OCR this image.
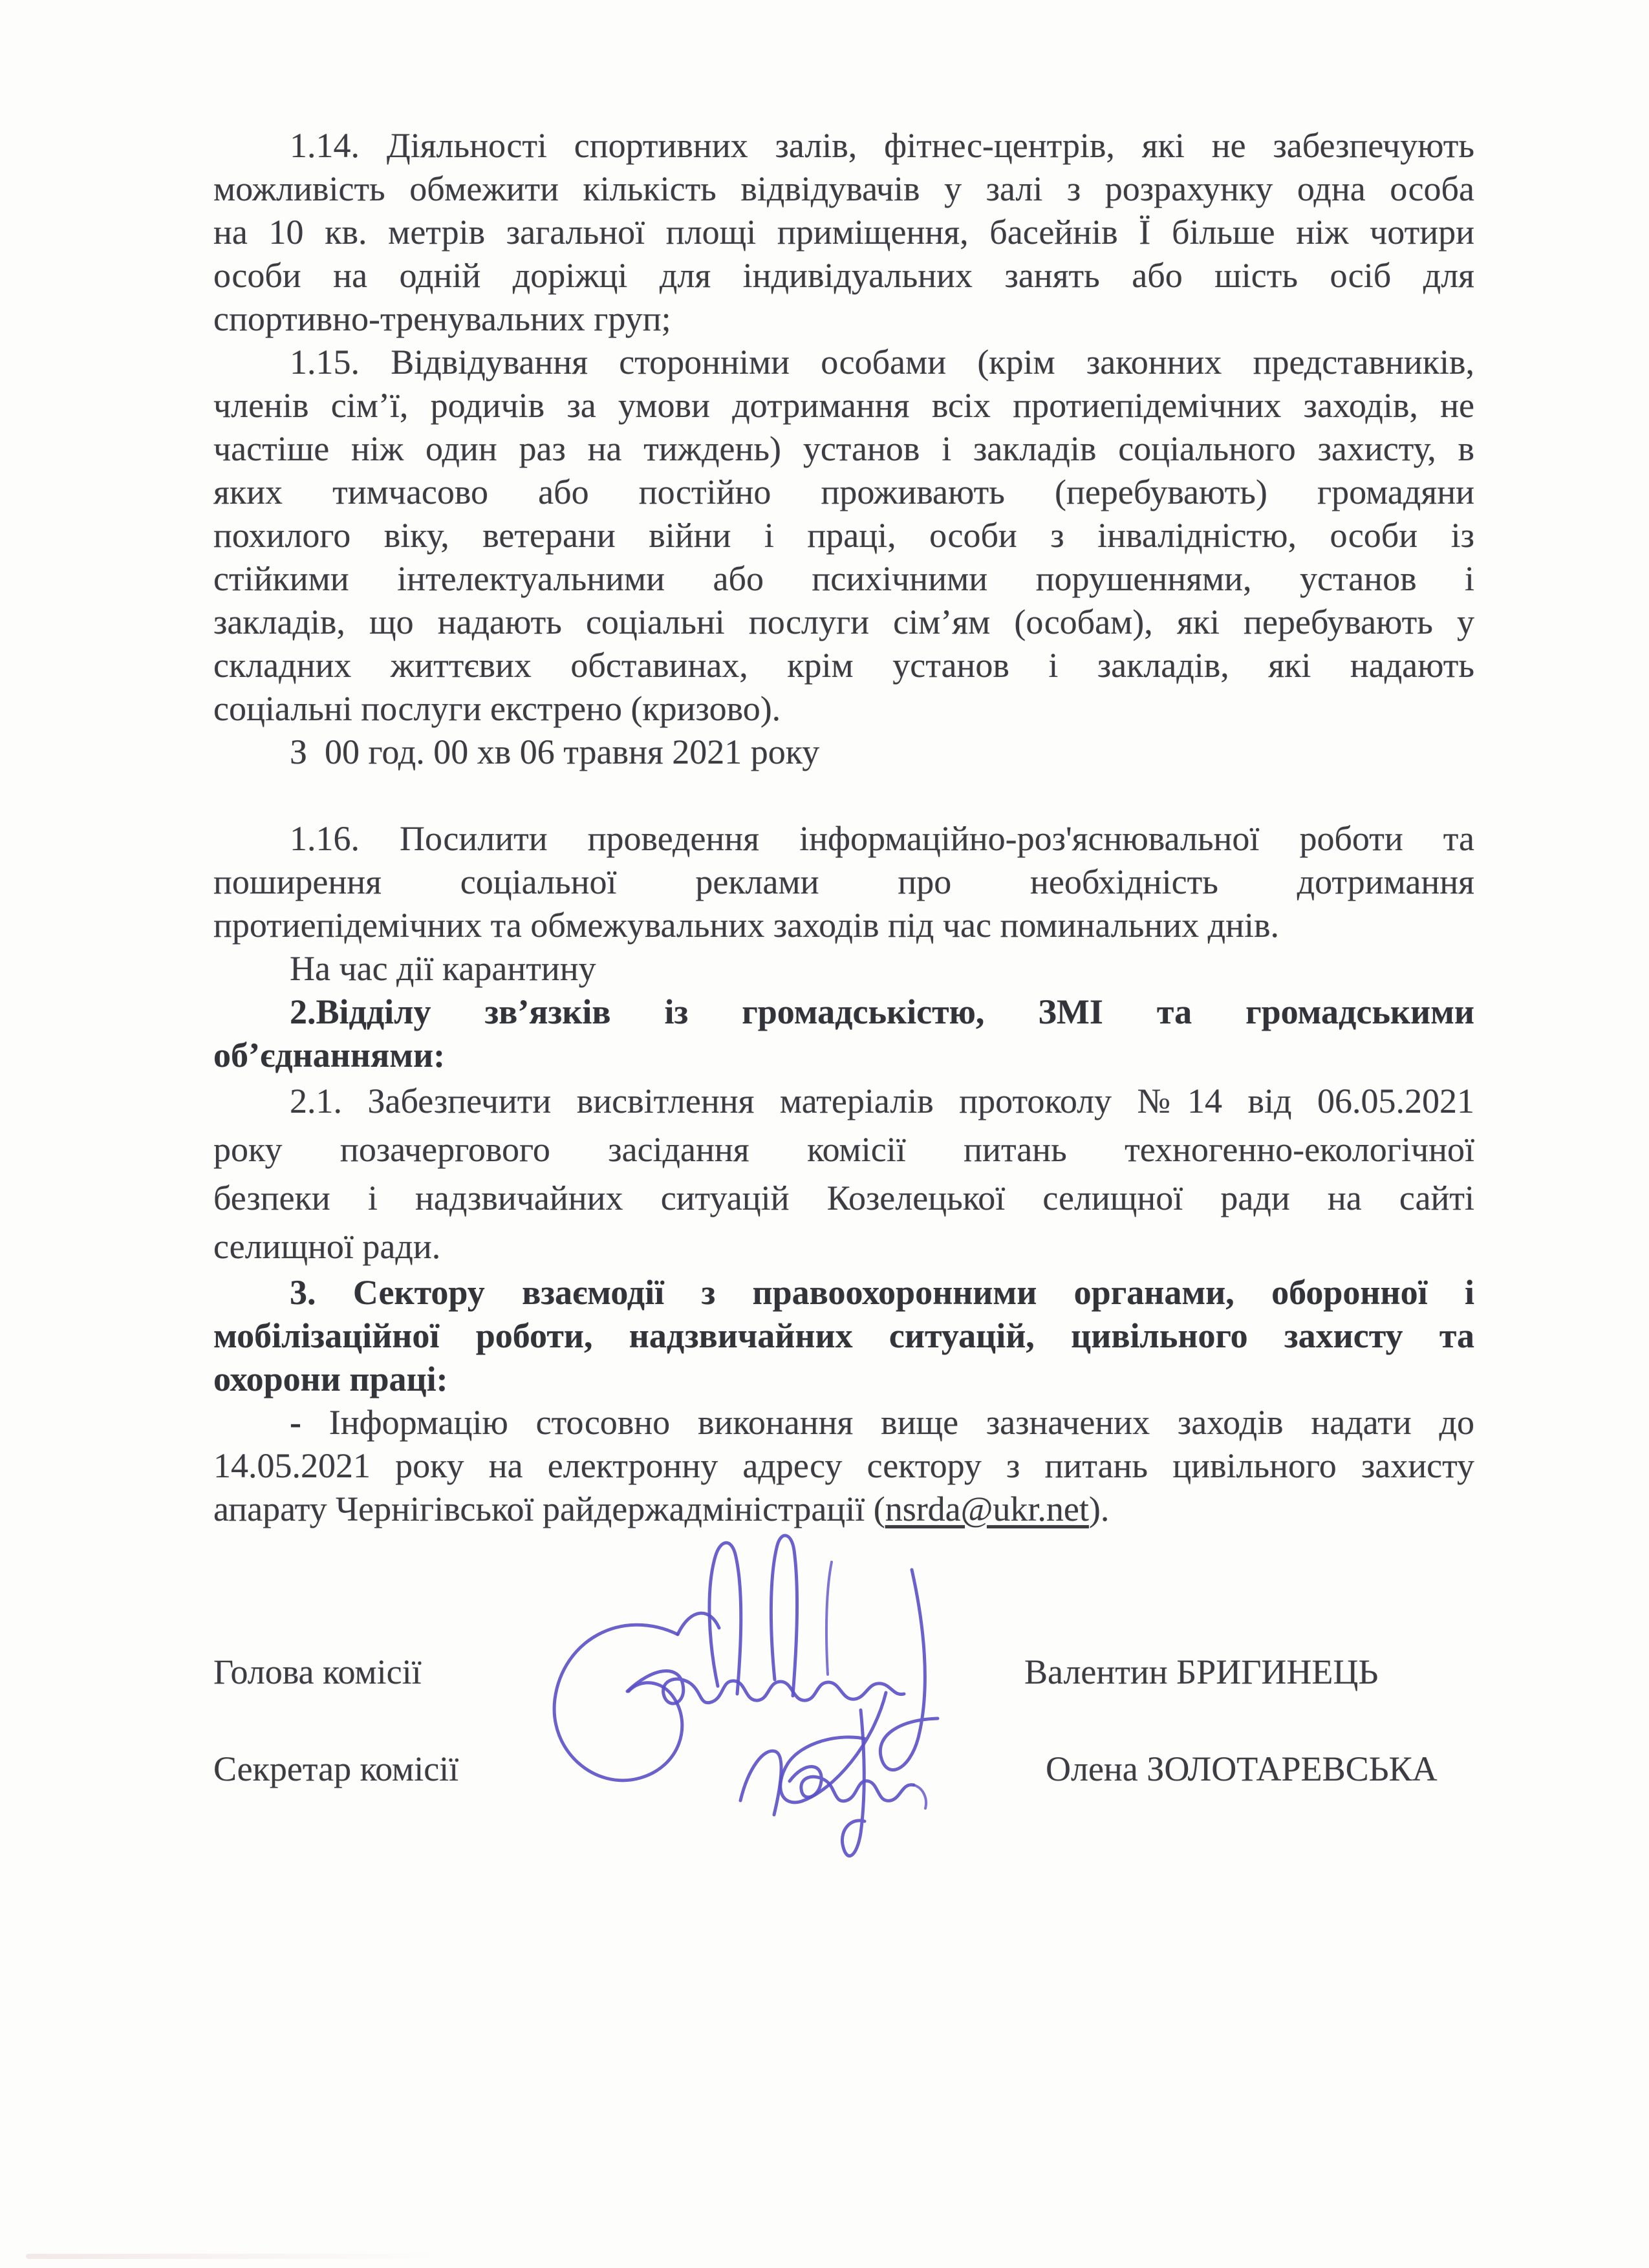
1.14. Діяльності спортивних залів, фітнес-центрів, які не забезпечують
можливість обмежити кількість відвідувачів у залі з розрахунку одна особа
на 10 кв. метрів загальної площі приміщення, басейнів Ї більше ніж чотири
особи на одній доріжці для індивідуальних занять або шість осіб для
спортивно-тренувальних груп;
1.15. Відвідування сторонніми особами (крім законних представників,
членів сім’ї, родичів за умови дотримання всіх протиепідемічних заходів, не
частіше ніж один раз на тиждень) установ і закладів соціального захисту, в
яких тимчасово або постійно проживають (перебувають) громадяни
похилого віку, ветерани війни і праці, особи з інвалідністю, особи із
стійкими інтелектуальними або психічними порушеннями, установ і
закладів, що надають соціальні послуги сім’ям (особам), які перебувають у
складних життєвих обставинах, крім установ і закладів, які надають
соціальні послуги екстрено (кризово).
З  00 год. 00 хв 06 травня 2021 року
1.16. Посилити проведення інформаційно-роз'яснювальної роботи та
поширення соціальної реклами про необхідність дотримання
протиепідемічних та обмежувальних заходів під час поминальних днів.
На час дії карантину
2.Відділу зв’язків із громадськістю, ЗМІ та громадськими
об’єднаннями:
2.1. Забезпечити висвітлення матеріалів протоколу №14 від 06.05.2021
року позачергового засідання комісії питань техногенно-екологічної
безпеки і надзвичайних ситуацій Козелецької селищної ради на сайті
селищної ради.
3. Сектору взаємодії з правоохоронними органами, оборонної і
мобілізаційної роботи, надзвичайних ситуацій, цивільного захисту та
охорони праці:
- Інформацію стосовно виконання вище зазначених заходів надати до
14.05.2021 року на електронну адресу сектору з питань цивільного захисту
апарату Чернігівської райдержадміністрації (nsrda@ukr.net).
Голова комісії	Валентин БРИГИНЕЦЬ
Секретар комісії	Олена ЗОЛОТАРЕВСЬКА
